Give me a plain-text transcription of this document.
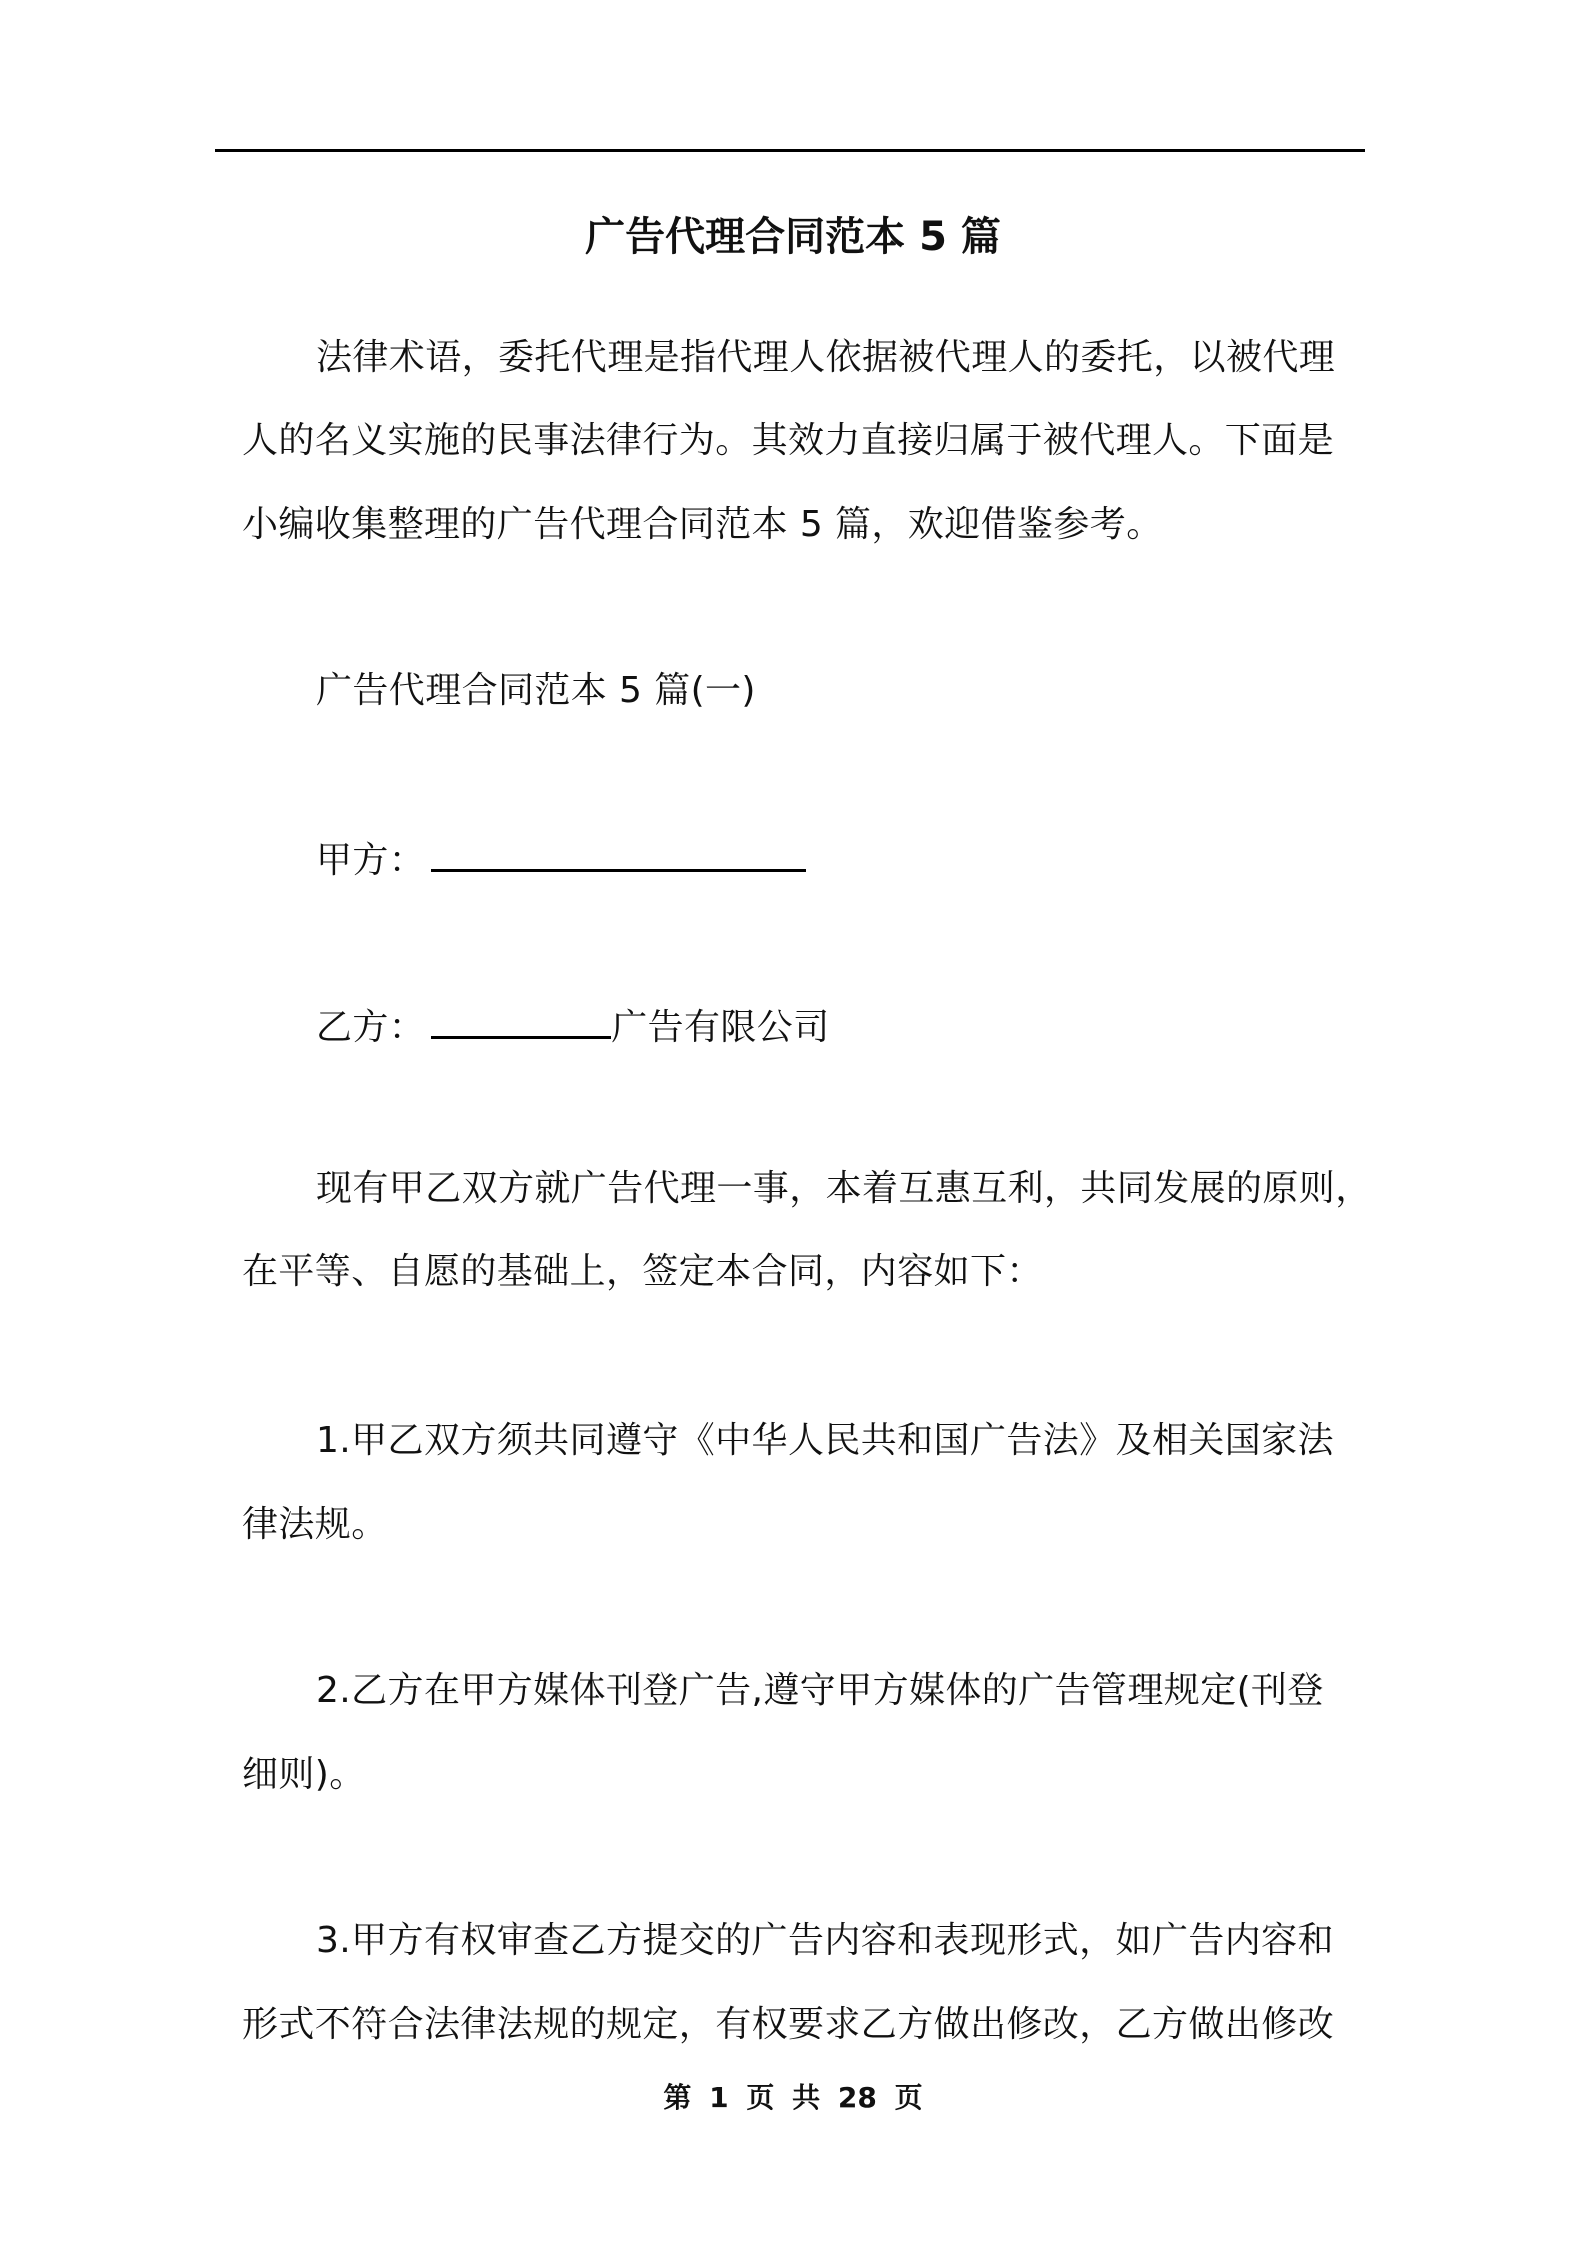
广告代理合同范本 5 篇
法律术语，委托代理是指代理人依据被代理人的委托，以被代理
人的名义实施的民事法律行为。其效力直接归属于被代理人。下面是
小编收集整理的广告代理合同范本 5 篇，欢迎借鉴参考。
广告代理合同范本 5 篇(一)
甲方：
乙方：	广告有限公司
现有甲乙双方就广告代理一事，本着互惠互利，共同发展的原则，
在平等、自愿的基础上，签定本合同，内容如下：
1.甲乙双方须共同遵守《中华人民共和国广告法》及相关国家法
律法规。
2.乙方在甲方媒体刊登广告,遵守甲方媒体的广告管理规定(刊登
细则)。
3.甲方有权审查乙方提交的广告内容和表现形式，如广告内容和
形式不符合法律法规的规定，有权要求乙方做出修改，乙方做出修改
第 1 页 共 28 页
